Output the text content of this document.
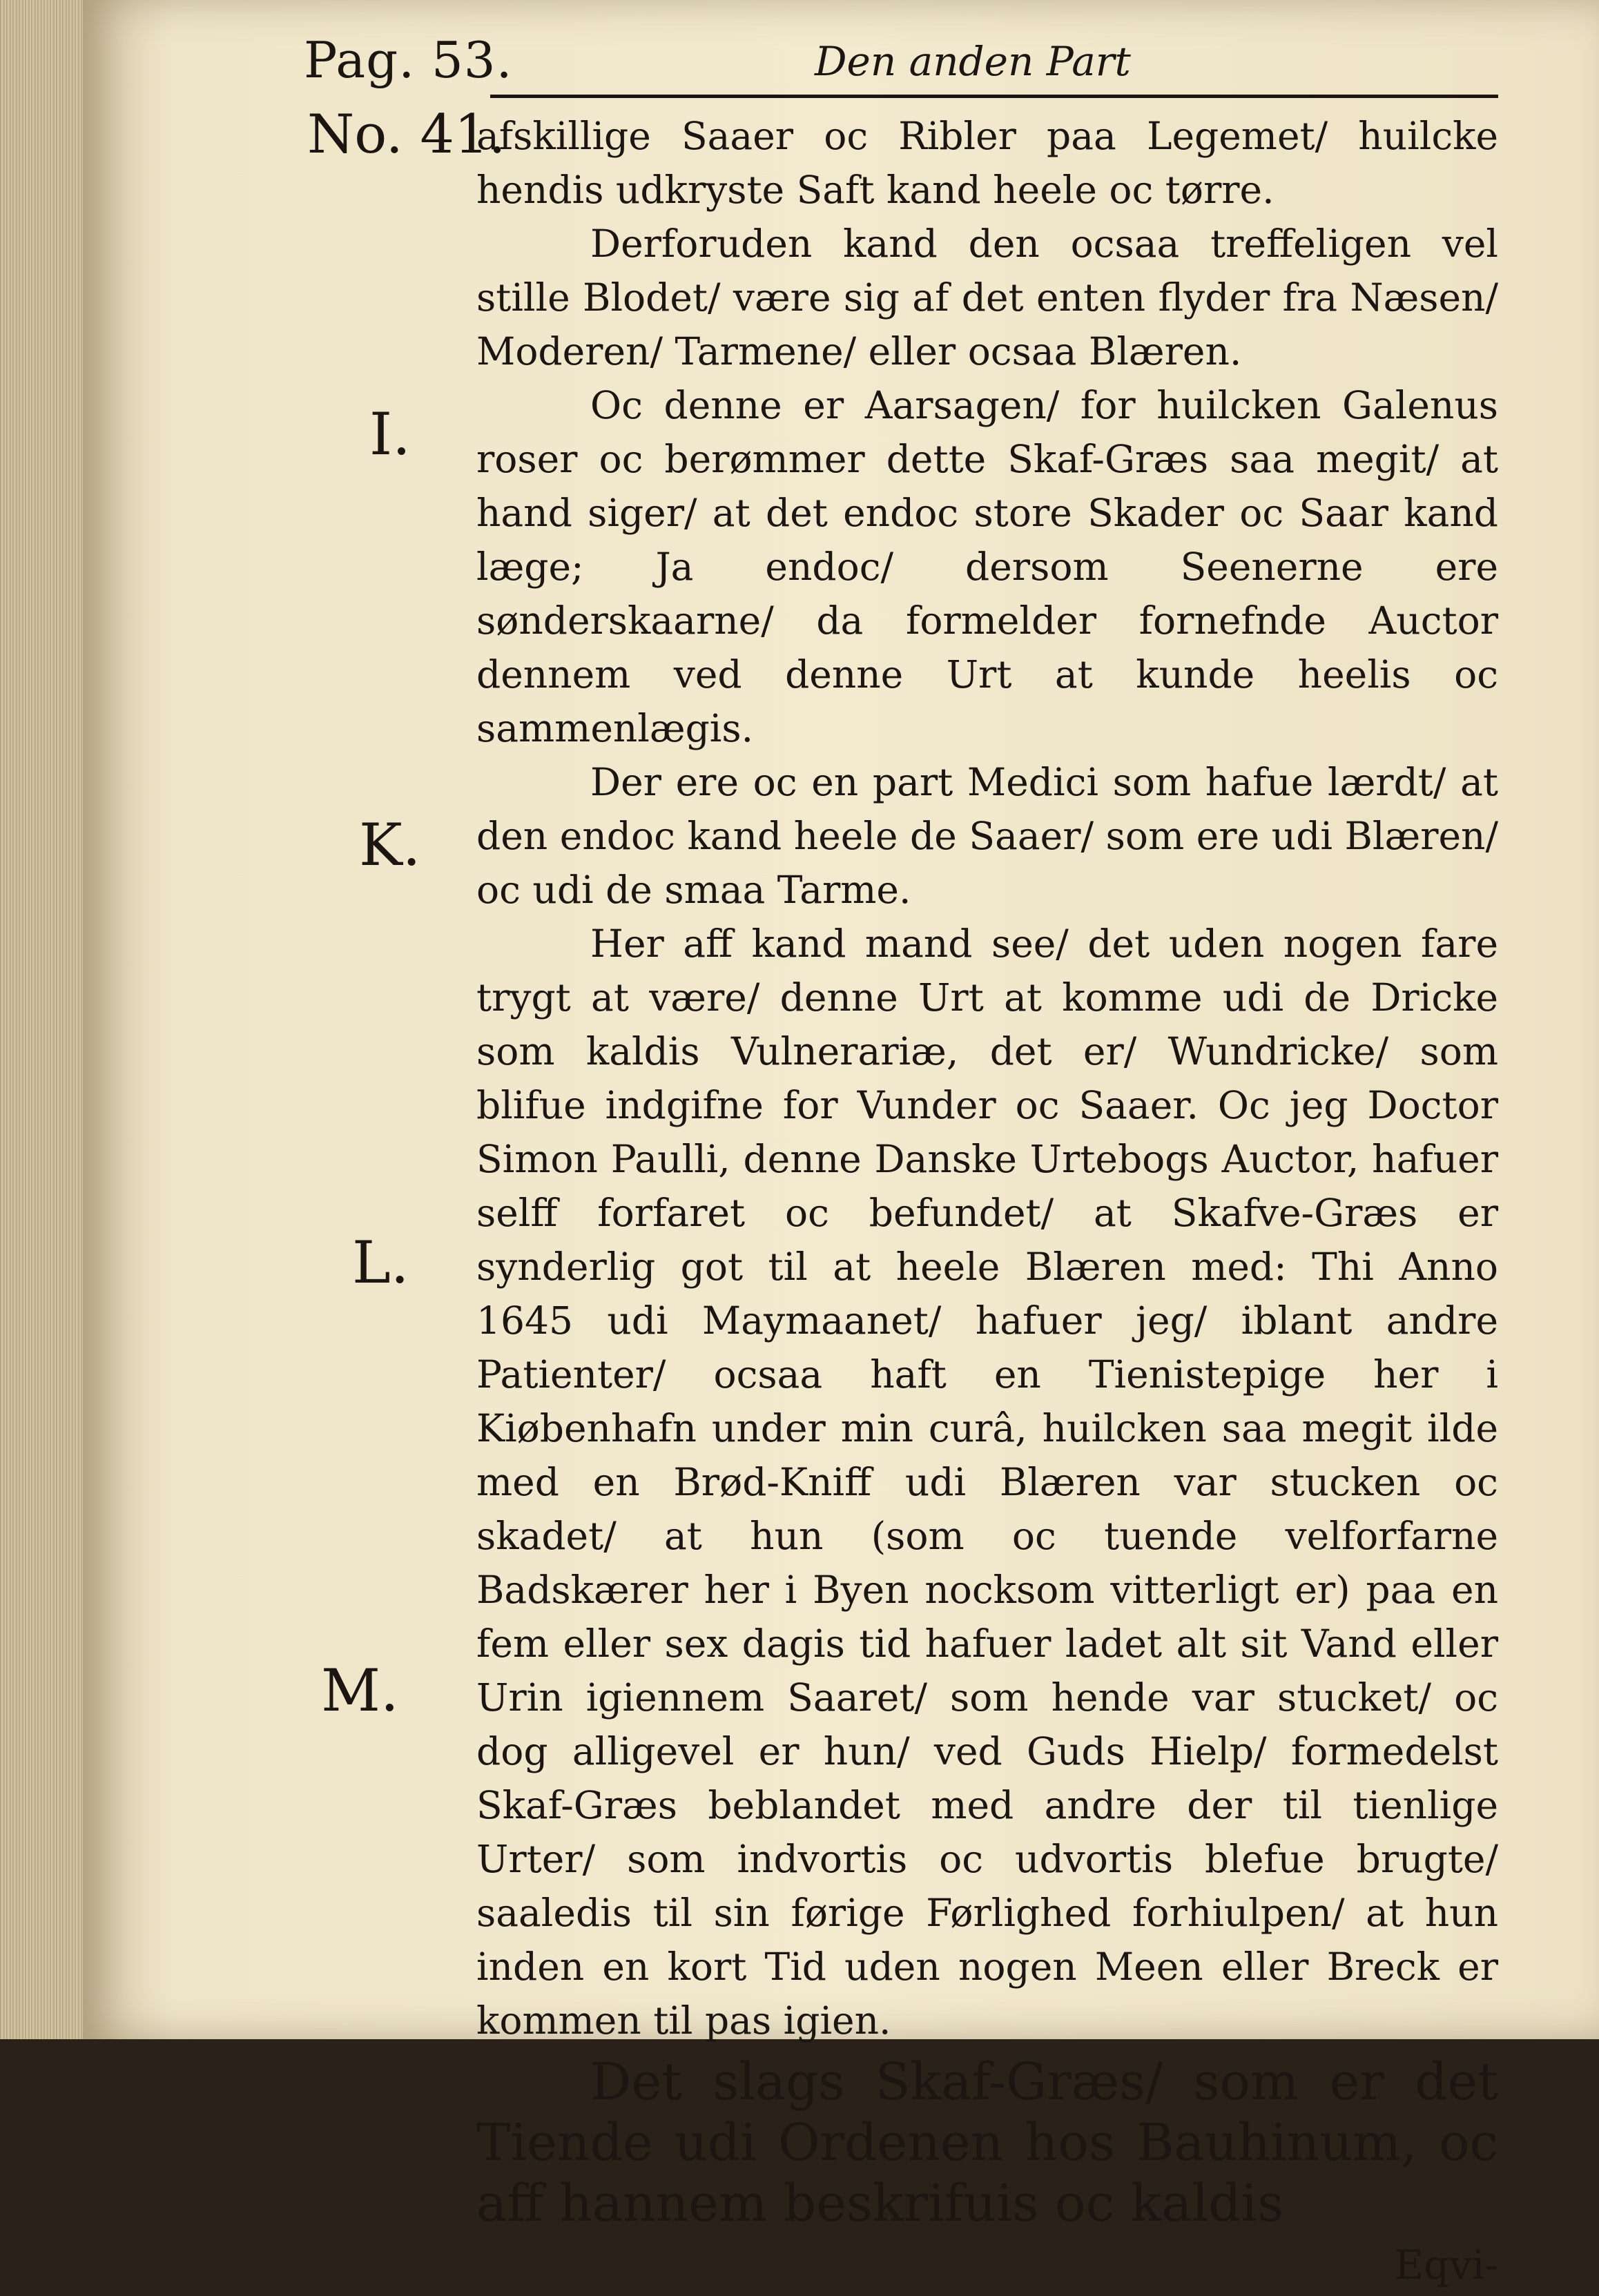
Pag. 53.	Den anden Part
No. 41.
I.
K.
L.
M.

afskillige Saaer oc Ribler paa Legemet/ huilcke hendis udkryste Saft kand heele oc tørre.

Derforuden kand den ocsaa treffeligen vel stille Blodet/ være sig af det enten flyder fra Næsen/ Moderen/ Tarmene/ eller ocsaa Blæren.

Oc denne er Aarsagen/ for huilcken Galenus roser oc berømmer dette Skaf-Græs saa megit/ at hand siger/ at det endoc store Skader oc Saar kand læge; Ja endoc/ dersom Seenerne ere sønderskaarne/ da formelder fornefnde Auctor dennem ved denne Urt at kunde heelis oc sammenlægis.

Der ere oc en part Medici som hafue lærdt/ at den endoc kand heele de Saaer/ som ere udi Blæren/ oc udi de smaa Tarme.

Her aff kand mand see/ det uden nogen fare trygt at være/ denne Urt at komme udi de Dricke som kaldis Vulnerariæ, det er/ Wundricke/ som blifue indgifne for Vunder oc Saaer. Oc jeg Doctor Simon Paulli, denne Danske Urtebogs Auctor, hafuer selff forfaret oc befundet/ at Skafve-Græs er synderlig got til at heele Blæren med: Thi Anno 1645 udi Maymaanet/ hafuer jeg/ iblant andre Patienter/ ocsaa haft en Tienistepige her i Kiøbenhafn under min curâ, huilcken saa megit ilde med en Brød-Kniff udi Blæren var stucken oc skadet/ at hun (som oc tuende velforfarne Badskærer her i Byen nocksom vitterligt er) paa en fem eller sex dagis tid hafuer ladet alt sit Vand eller Urin igiennem Saaret/ som hende var stucket/ oc dog alligevel er hun/ ved Guds Hielp/ formedelst Skaf-Græs beblandet med andre der til tienlige Urter/ som indvortis oc udvortis blefue brugte/ saaledis til sin førige Førlighed forhiulpen/ at hun inden en kort Tid uden nogen Meen eller Breck er kommen til pas igien.

Det slags Skaf-Græs/ som er det Tiende udi Ordenen hos Bauhinum, oc aff hannem beskrifuis oc kaldis

Eqvi-
